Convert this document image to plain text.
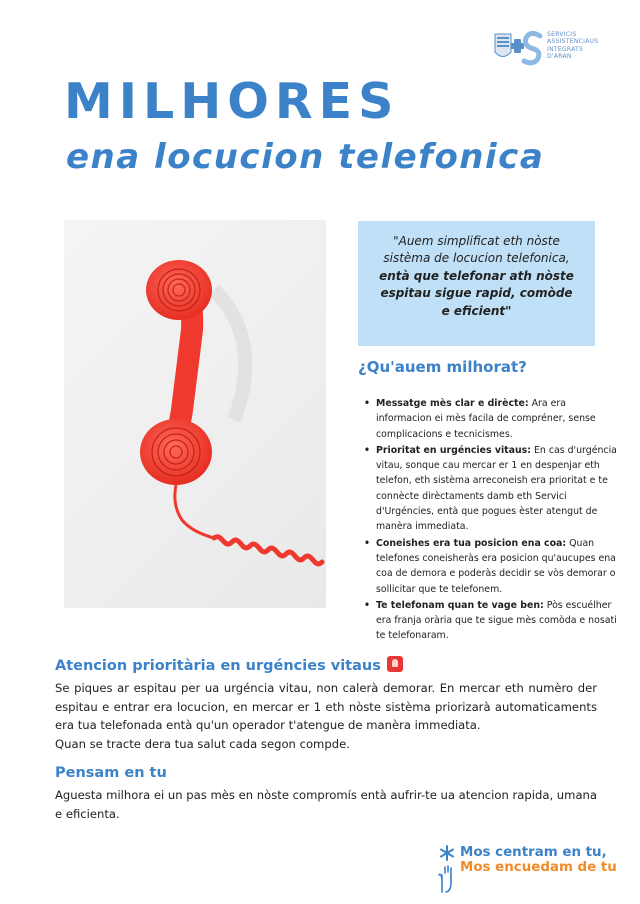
SERVICIS
ASSISTENCIAUS
INTEGRATS
D'ARAN
MILHORES
ena locucion telefonica
"Auem simplificat eth nòste sistèma de locucion telefonica, entà que telefonar ath nòste espitau sigue rapid, comòde e eficient"
¿Qu'auem milhorat?
• Messatge mès clar e dirècte: Ara era informacion ei mès facila de compréner, sense complicacions e tecnicismes.
• Prioritat en urgéncies vitaus: En cas d'urgéncia vitau, sonque cau mercar er 1 en despenjar eth telefon, eth sistèma arreconeish era prioritat e te connècte dirèctaments damb eth Servici d'Urgéncies, entà que pogues èster atengut de manèra immediata.
• Coneishes era tua posicion ena coa: Quan telefones coneisheràs era posicion qu'aucupes ena coa de demora e poderàs decidir se vòs demorar o sollicitar que te telefonem.
• Te telefonam quan te vage ben: Pòs escuélher era franja orària que te sigue mès comòda e nosati te telefonaram.
Atencion prioritària en urgéncies vitaus

Se piques ar espitau per ua urgéncia vitau, non calerà demorar. En mercar eth numèro der espitau e entrar era locucion, en mercar er 1 eth nòste sistèma priorizarà automaticaments era tua telefonada entà qu'un operador t'atengue de manèra immediata.
Quan se tracte dera tua salut cada segon compde.

Pensam en tu

Aguesta milhora ei un pas mès en nòste compromís entà aufrir-te ua atencion rapida, umana e eficienta.

Mos centram en tu,
Mos encuedam de tu
